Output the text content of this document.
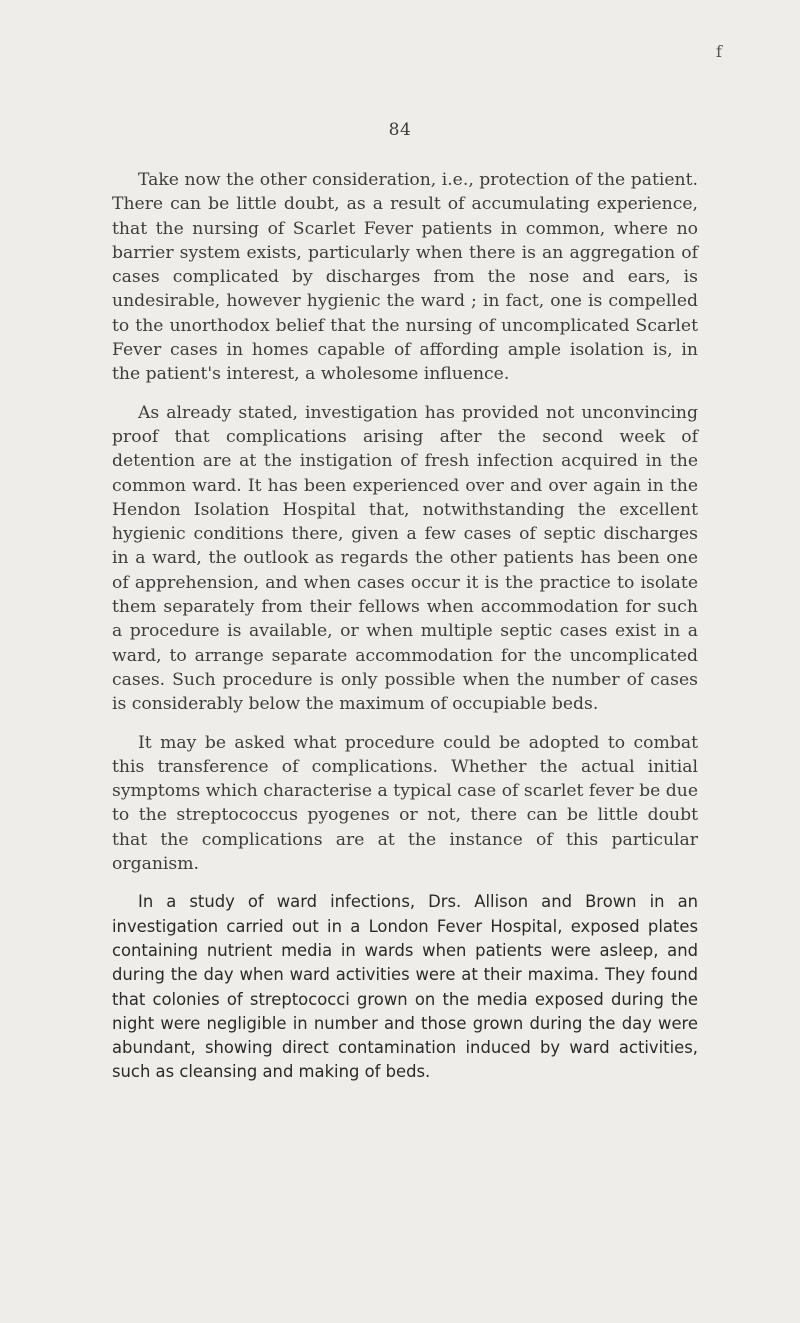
f
84

Take now the other consideration, i.e., protection of the patient. There can be little doubt, as a result of accumulating experience, that the nursing of Scarlet Fever patients in common, where no barrier system exists, particularly when there is an aggregation of cases complicated by discharges from the nose and ears, is undesirable, however hygienic the ward ; in fact, one is compelled to the unorthodox belief that the nursing of uncomplicated Scarlet Fever cases in homes capable of affording ample isolation is, in the patient's interest, a wholesome influence.

As already stated, investigation has provided not unconvincing proof that complications arising after the second week of detention are at the instigation of fresh infection acquired in the common ward. It has been experienced over and over again in the Hendon Isolation Hospital that, notwithstanding the excellent hygienic conditions there, given a few cases of septic discharges in a ward, the outlook as regards the other patients has been one of apprehension, and when cases occur it is the practice to isolate them separately from their fellows when accommodation for such a procedure is available, or when multiple septic cases exist in a ward, to arrange separate accommodation for the uncomplicated cases. Such procedure is only possible when the number of cases is considerably below the maximum of occupiable beds.

It may be asked what procedure could be adopted to combat this transference of complications. Whether the actual initial symptoms which characterise a typical case of scarlet fever be due to the streptococcus pyogenes or not, there can be little doubt that the complications are at the instance of this particular organism.

In a study of ward infections, Drs. Allison and Brown in an investigation carried out in a London Fever Hospital, exposed plates containing nutrient media in wards when patients were asleep, and during the day when ward activities were at their maxima. They found that colonies of streptococci grown on the media exposed during the night were negligible in number and those grown during the day were abundant, showing direct contamination induced by ward activities, such as cleansing and making of beds.
